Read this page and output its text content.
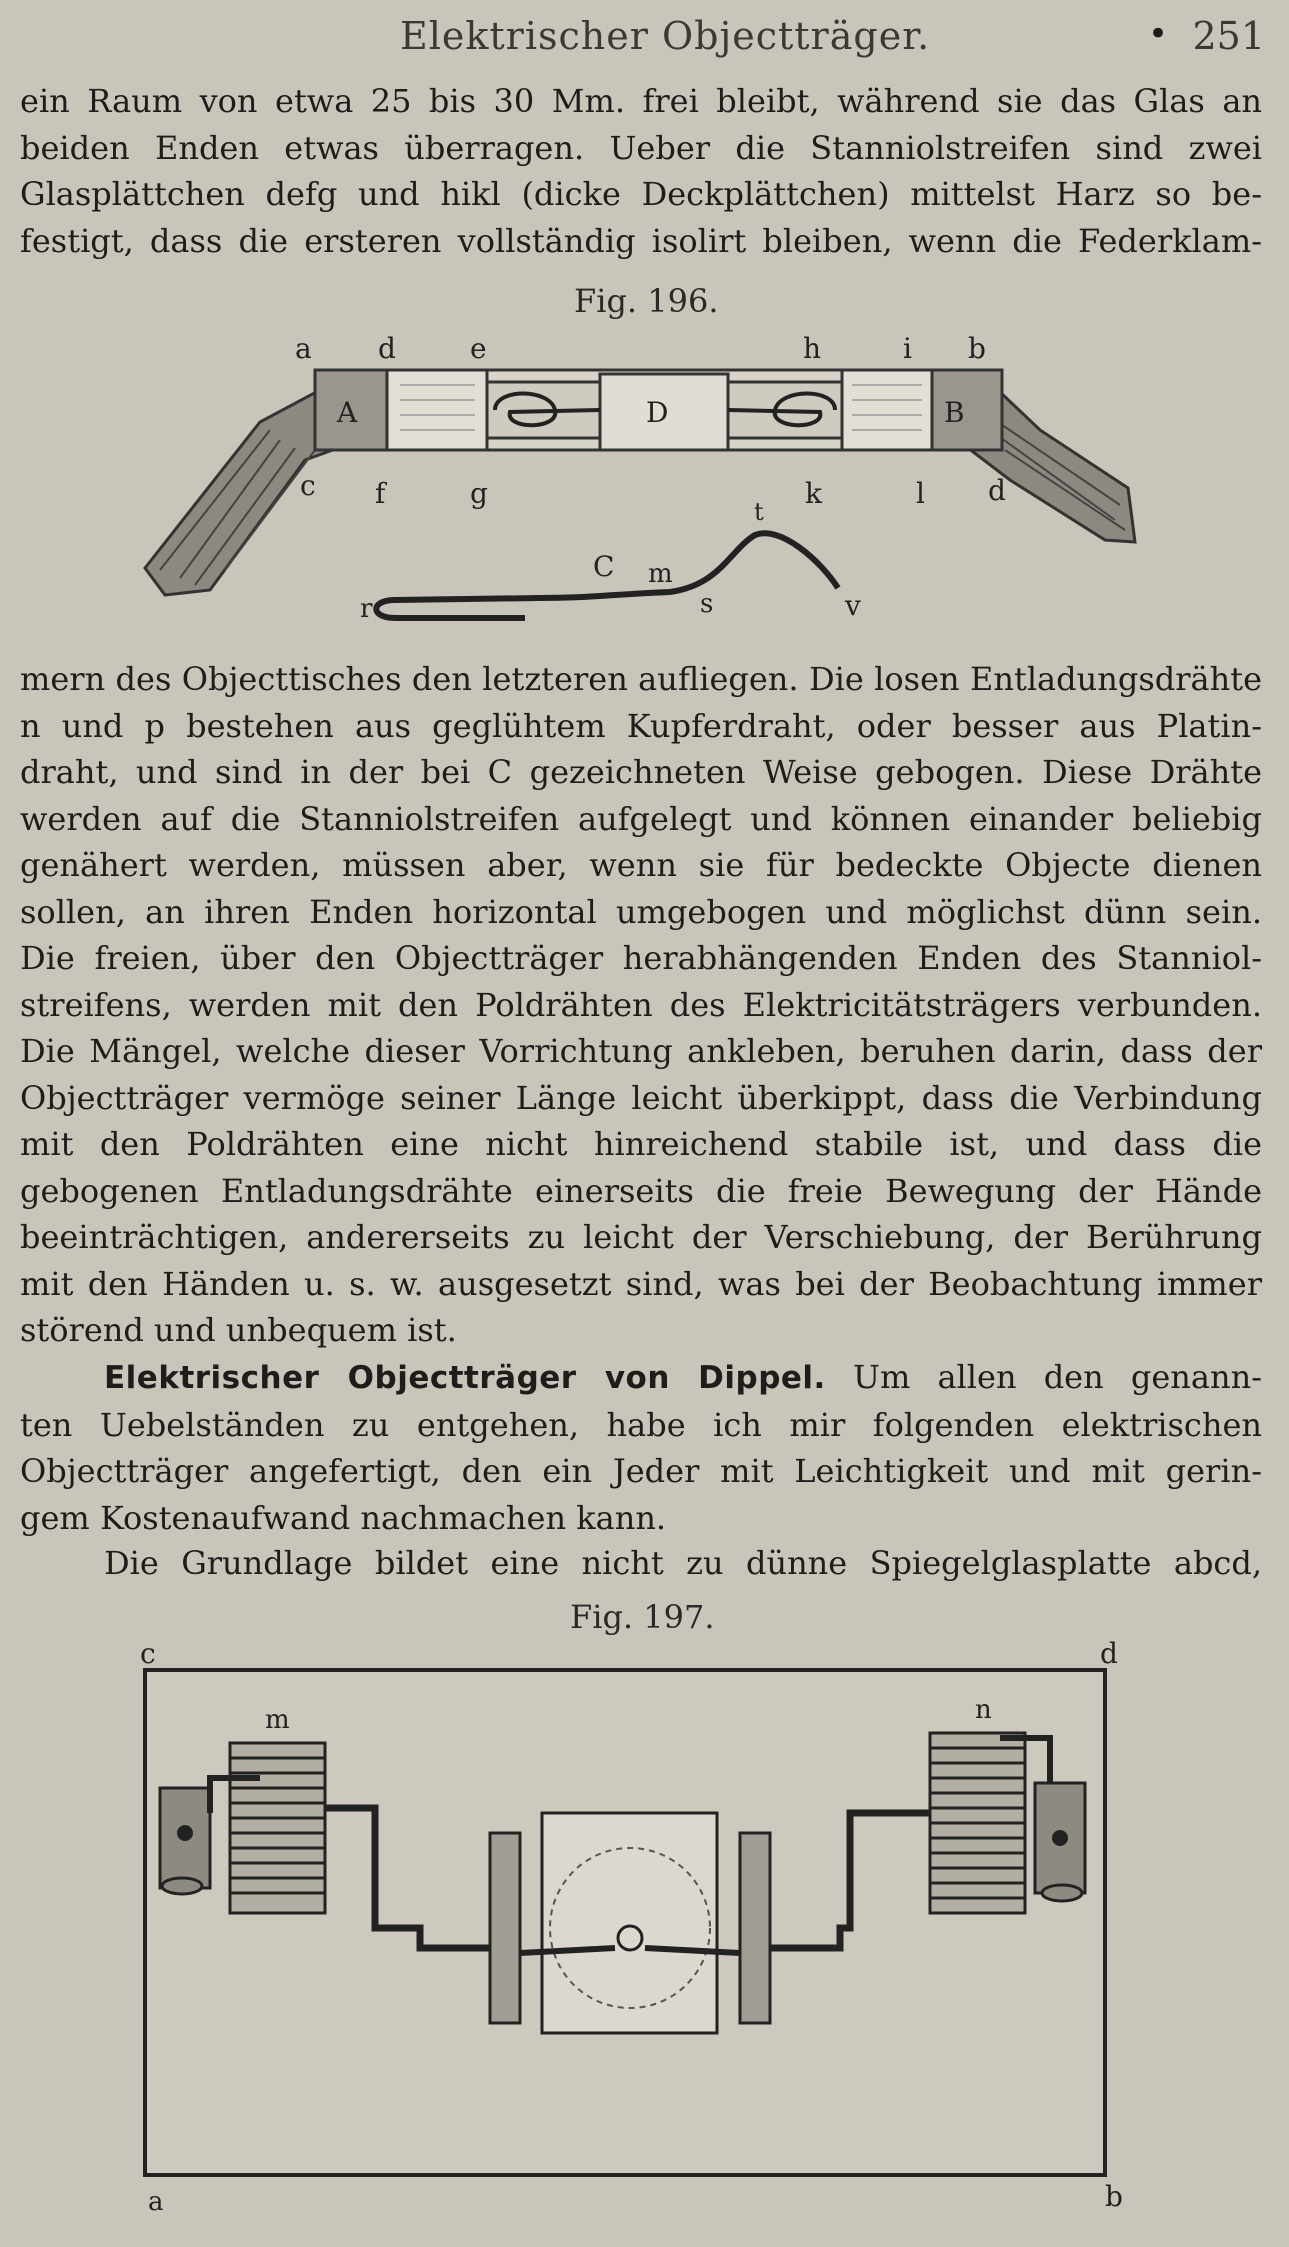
Elektrischer Objectträger.	• 251

ein Raum von etwa 25 bis 30 Mm. frei bleibt, während sie das Glas an

beiden Enden etwas überragen. Ueber die Stanniolstreifen sind zwei

Glasplättchen defg und hikl (dicke Deckplättchen) mittelst Harz so be-

festigt, dass die ersteren vollständig isolirt bleiben, wenn die Federklam-

Fig. 196.
a d	e	h	i b
A	D	B
c f	g	k	l d
t
C m
r	s	v

mern des Objecttisches den letzteren aufliegen. Die losen Entladungsdrähte

n und p bestehen aus geglühtem Kupferdraht, oder besser aus Platin-

draht, und sind in der bei C gezeichneten Weise gebogen. Diese Drähte

werden auf die Stanniolstreifen aufgelegt und können einander beliebig

genähert werden, müssen aber, wenn sie für bedeckte Objecte dienen

sollen, an ihren Enden horizontal umgebogen und möglichst dünn sein.

Die freien, über den Objectträger herabhängenden Enden des Stanniol-

streifens, werden mit den Poldrähten des Elektricitätsträgers verbunden.

Die Mängel, welche dieser Vorrichtung ankleben, beruhen darin, dass der

Objectträger vermöge seiner Länge leicht überkippt, dass die Verbindung

mit den Poldrähten eine nicht hinreichend stabile ist, und dass die

gebogenen Entladungsdrähte einerseits die freie Bewegung der Hände

beeinträchtigen, andererseits zu leicht der Verschiebung, der Berührung

mit den Händen u. s. w. ausgesetzt sind, was bei der Beobachtung immer

störend und unbequem ist.

Elektrischer Objectträger von Dippel. Um allen den genann-

ten Uebelständen zu entgehen, habe ich mir folgenden elektrischen

Objectträger angefertigt, den ein Jeder mit Leichtigkeit und mit gerin-

gem Kostenaufwand nachmachen kann.

Die Grundlage bildet eine nicht zu dünne Spiegelglasplatte abcd,

Fig. 197.
c	d
m	n
a	b
